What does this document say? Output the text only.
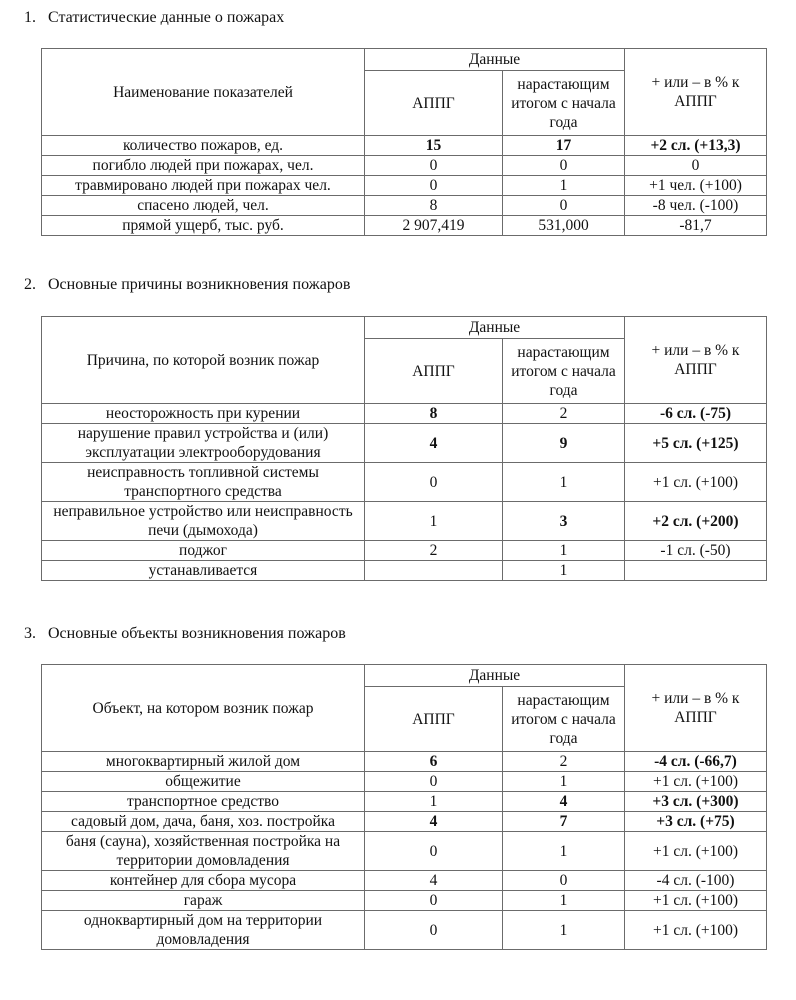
1. Статистические данные о пожарах
Наименование показателей	Данные		+ или – в % к АППГ
	АППГ	нарастающим итогом с начала года	
количество пожаров, ед.	15	17	+2 сл. (+13,3)
погибло людей при пожарах, чел.	0	0	0
травмировано людей при пожарах чел.	0	1	+1 чел. (+100)
спасено людей, чел.	8	0	-8 чел. (-100)
прямой ущерб, тыс. руб.	2 907,419	531,000	-81,7
2. Основные причины возникновения пожаров
Причина, по которой возник пожар	Данные		+ или – в % к АППГ
	АППГ	нарастающим итогом с начала года	
неосторожность при курении	8	2	-6 сл. (-75)
нарушение правил устройства и (или) эксплуатации электрооборудования	4	9	+5 сл. (+125)
неисправность топливной системы транспортного средства	0	1	+1 сл. (+100)
неправильное устройство или неисправность печи (дымохода)	1	3	+2 сл. (+200)
поджог	2	1	-1 сл. (-50)
устанавливается		1	
3. Основные объекты возникновения пожаров
Объект, на котором возник пожар	Данные		+ или – в % к АППГ
	АППГ	нарастающим итогом с начала года	
многоквартирный жилой дом	6	2	-4 сл. (-66,7)
общежитие	0	1	+1 сл. (+100)
транспортное средство	1	4	+3 сл. (+300)
садовый дом, дача, баня, хоз. постройка	4	7	+3 сл. (+75)
баня (сауна), хозяйственная постройка на территории домовладения	0	1	+1 сл. (+100)
контейнер для сбора мусора	4	0	-4 сл. (-100)
гараж	0	1	+1 сл. (+100)
одноквартирный дом на территории домовладения	0	1	+1 сл. (+100)
